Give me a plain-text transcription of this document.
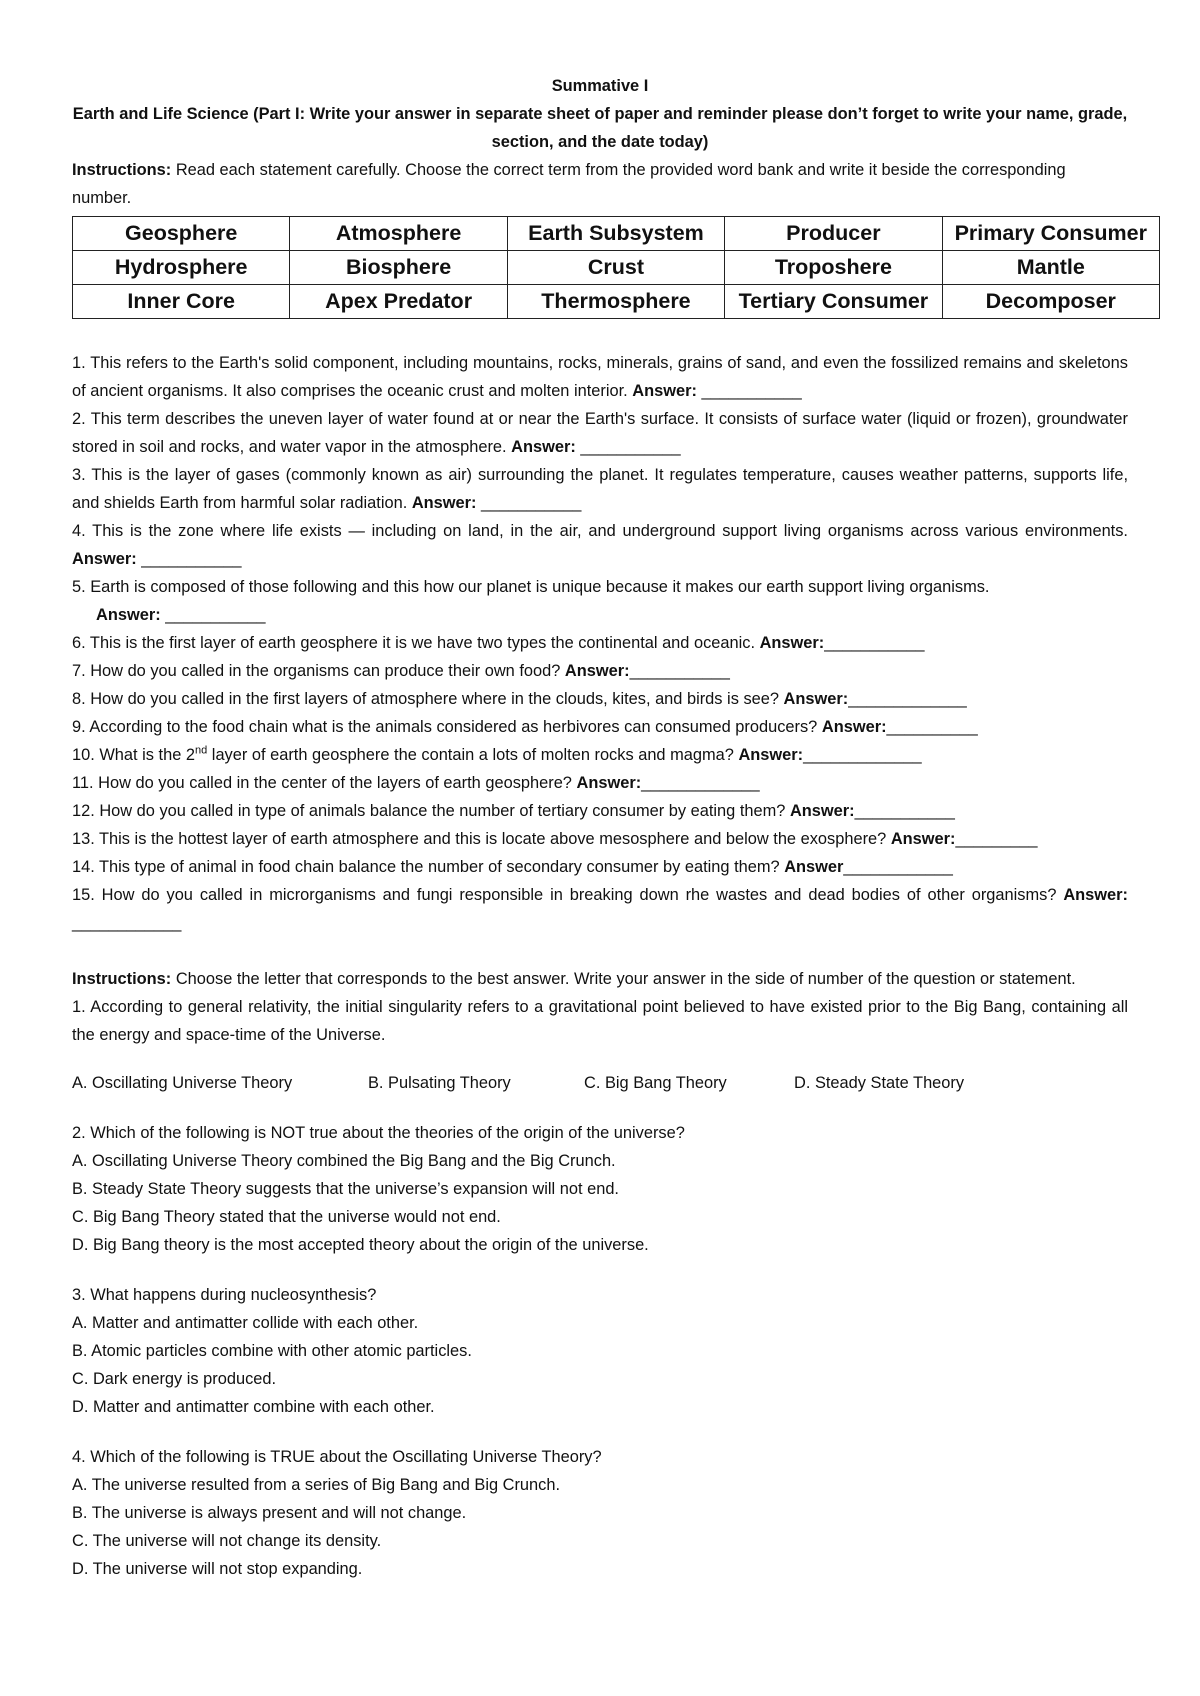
Summative I

Earth and Life Science (Part I: Write your answer in separate sheet of paper and reminder please don’t forget to write your name, grade, section, and the date today)

Instructions: Read each statement carefully. Choose the correct term from the provided word bank and write it beside the corresponding number.

Geosphere	Atmosphere	Earth Subsystem	Producer	Primary Consumer
Hydrosphere	Biosphere	Crust	Troposhere	Mantle
Inner Core	Apex Predator	Thermosphere	Tertiary Consumer	Decomposer

1. This refers to the Earth's solid component, including mountains, rocks, minerals, grains of sand, and even the fossilized remains and skeletons of ancient organisms. It also comprises the oceanic crust and molten interior. Answer: ___________

2. This term describes the uneven layer of water found at or near the Earth's surface. It consists of surface water (liquid or frozen), groundwater stored in soil and rocks, and water vapor in the atmosphere. Answer: ___________

3. This is the layer of gases (commonly known as air) surrounding the planet. It regulates temperature, causes weather patterns, supports life, and shields Earth from harmful solar radiation. Answer: ___________

4. This is the zone where life exists — including on land, in the air, and underground support living organisms across various environments. Answer: ___________

5. Earth is composed of those following and this how our planet is unique because it makes our earth support living organisms.

Answer: ___________

6. This is the first layer of earth geosphere it is we have two types the continental and oceanic. Answer:___________

7. How do you called in the organisms can produce their own food? Answer:___________

8. How do you called in the first layers of atmosphere where in the clouds, kites, and birds is see? Answer:_____________

9. According to the food chain what is the animals considered as herbivores can consumed producers? Answer:__________

10. What is the 2nd layer of earth geosphere the contain a lots of molten rocks and magma? Answer:_____________

11. How do you called in the center of the layers of earth geosphere? Answer:_____________

12. How do you called in type of animals balance the number of tertiary consumer by eating them? Answer:___________

13. This is the hottest layer of earth atmosphere and this is locate above mesosphere and below the exosphere? Answer:_________

14. This type of animal in food chain balance the number of secondary consumer by eating them? Answer____________

15. How do you called in microrganisms and fungi responsible in breaking down rhe wastes and dead bodies of other organisms? Answer: ____________

Instructions: Choose the letter that corresponds to the best answer. Write your answer in the side of number of the question or statement.

1. According to general relativity, the initial singularity refers to a gravitational point believed to have existed prior to the Big Bang, containing all the energy and space-time of the Universe.

A. Oscillating Universe Theory	B. Pulsating Theory	C. Big Bang Theory	D. Steady State Theory

2. Which of the following is NOT true about the theories of the origin of the universe?

A. Oscillating Universe Theory combined the Big Bang and the Big Crunch.

B. Steady State Theory suggests that the universe’s expansion will not end.

C. Big Bang Theory stated that the universe would not end.

D. Big Bang theory is the most accepted theory about the origin of the universe.

3. What happens during nucleosynthesis?

A. Matter and antimatter collide with each other.

B. Atomic particles combine with other atomic particles.

C. Dark energy is produced.

D. Matter and antimatter combine with each other.

4. Which of the following is TRUE about the Oscillating Universe Theory?

A. The universe resulted from a series of Big Bang and Big Crunch.

B. The universe is always present and will not change.

C. The universe will not change its density.

D. The universe will not stop expanding.
